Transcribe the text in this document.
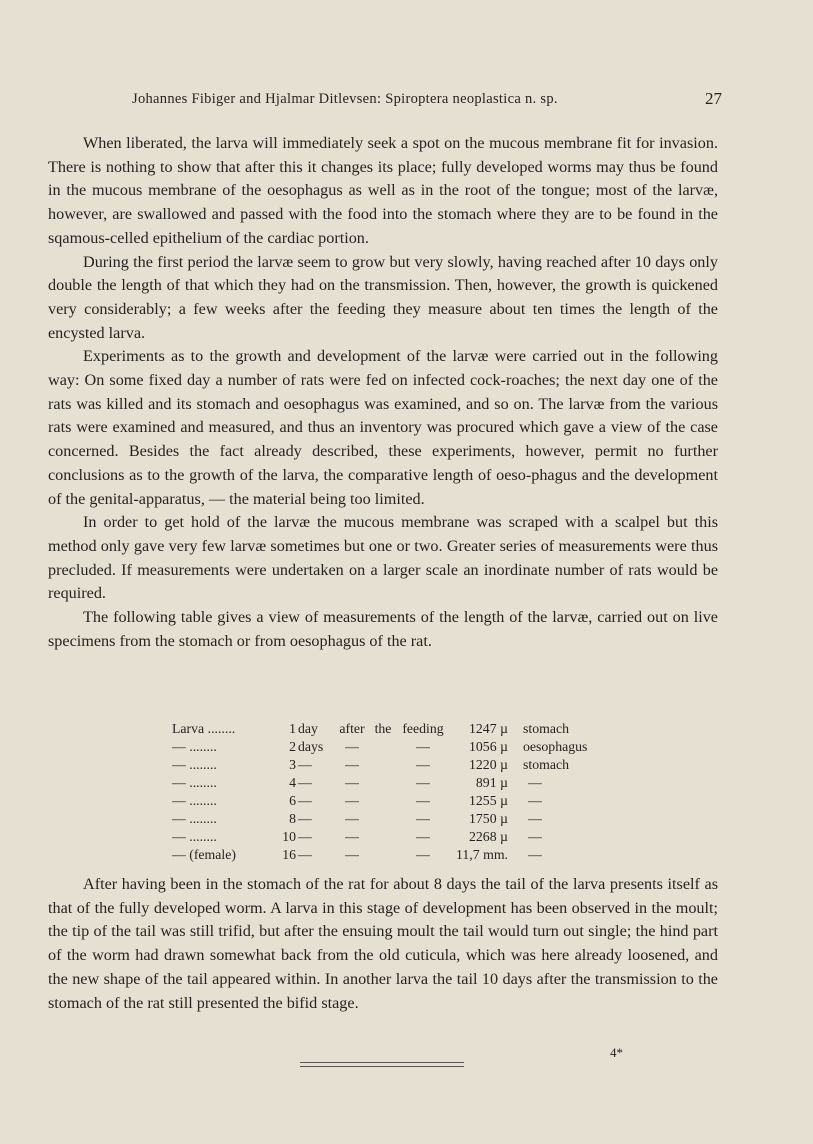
Johannes Fibiger and Hjalmar Ditlevsen: Spiroptera neoplastica n. sp.	27

When liberated, the larva will immediately seek a spot on the mucous membrane fit for invasion. There is nothing to show that after this it changes its place; fully developed worms may thus be found in the mucous membrane of the oesophagus as well as in the root of the tongue; most of the larvæ, however, are swallowed and passed with the food into the stomach where they are to be found in the sqamous-celled epithelium of the cardiac portion.

During the first period the larvæ seem to grow but very slowly, having reached after 10 days only double the length of that which they had on the transmission. Then, however, the growth is quickened very considerably; a few weeks after the feeding they measure about ten times the length of the encysted larva.

Experiments as to the growth and development of the larvæ were carried out in the following way: On some fixed day a number of rats were fed on infected cock-roaches; the next day one of the rats was killed and its stomach and oesophagus was examined, and so on. The larvæ from the various rats were examined and measured, and thus an inventory was procured which gave a view of the case concerned. Besides the fact already described, these experiments, however, permit no further conclusions as to the growth of the larva, the comparative length of oeso-phagus and the development of the genital-apparatus, — the material being too limited.

In order to get hold of the larvæ the mucous membrane was scraped with a scalpel but this method only gave very few larvæ sometimes but one or two. Greater series of measurements were thus precluded. If measurements were undertaken on a larger scale an inordinate number of rats would be required.

The following table gives a view of measurements of the length of the larvæ, carried out on live specimens from the stomach or from oesophagus of the rat.

Larva ........	1 day	after the feeding	1247 µ stomach
— ........	2 days	—	—	1056 µ oesophagus
— ........	3 —	—	—	1220 µ stomach
— ........	4 —	—	—	891 µ	—
— ........	6 —	—	—	1255 µ	—
— ........	8 —	—	—	1750 µ	—
— ........	10 —	—	—	2268 µ	—
— (female)	16 —	—	—	11,7 mm.	—

After having been in the stomach of the rat for about 8 days the tail of the larva presents itself as that of the fully developed worm. A larva in this stage of development has been observed in the moult; the tip of the tail was still trifid, but after the ensuing moult the tail would turn out single; the hind part of the worm had drawn somewhat back from the old cuticula, which was here already loosened, and the new shape of the tail appeared within. In another larva the tail 10 days after the transmission to the stomach of the rat still presented the bifid stage.

4*
